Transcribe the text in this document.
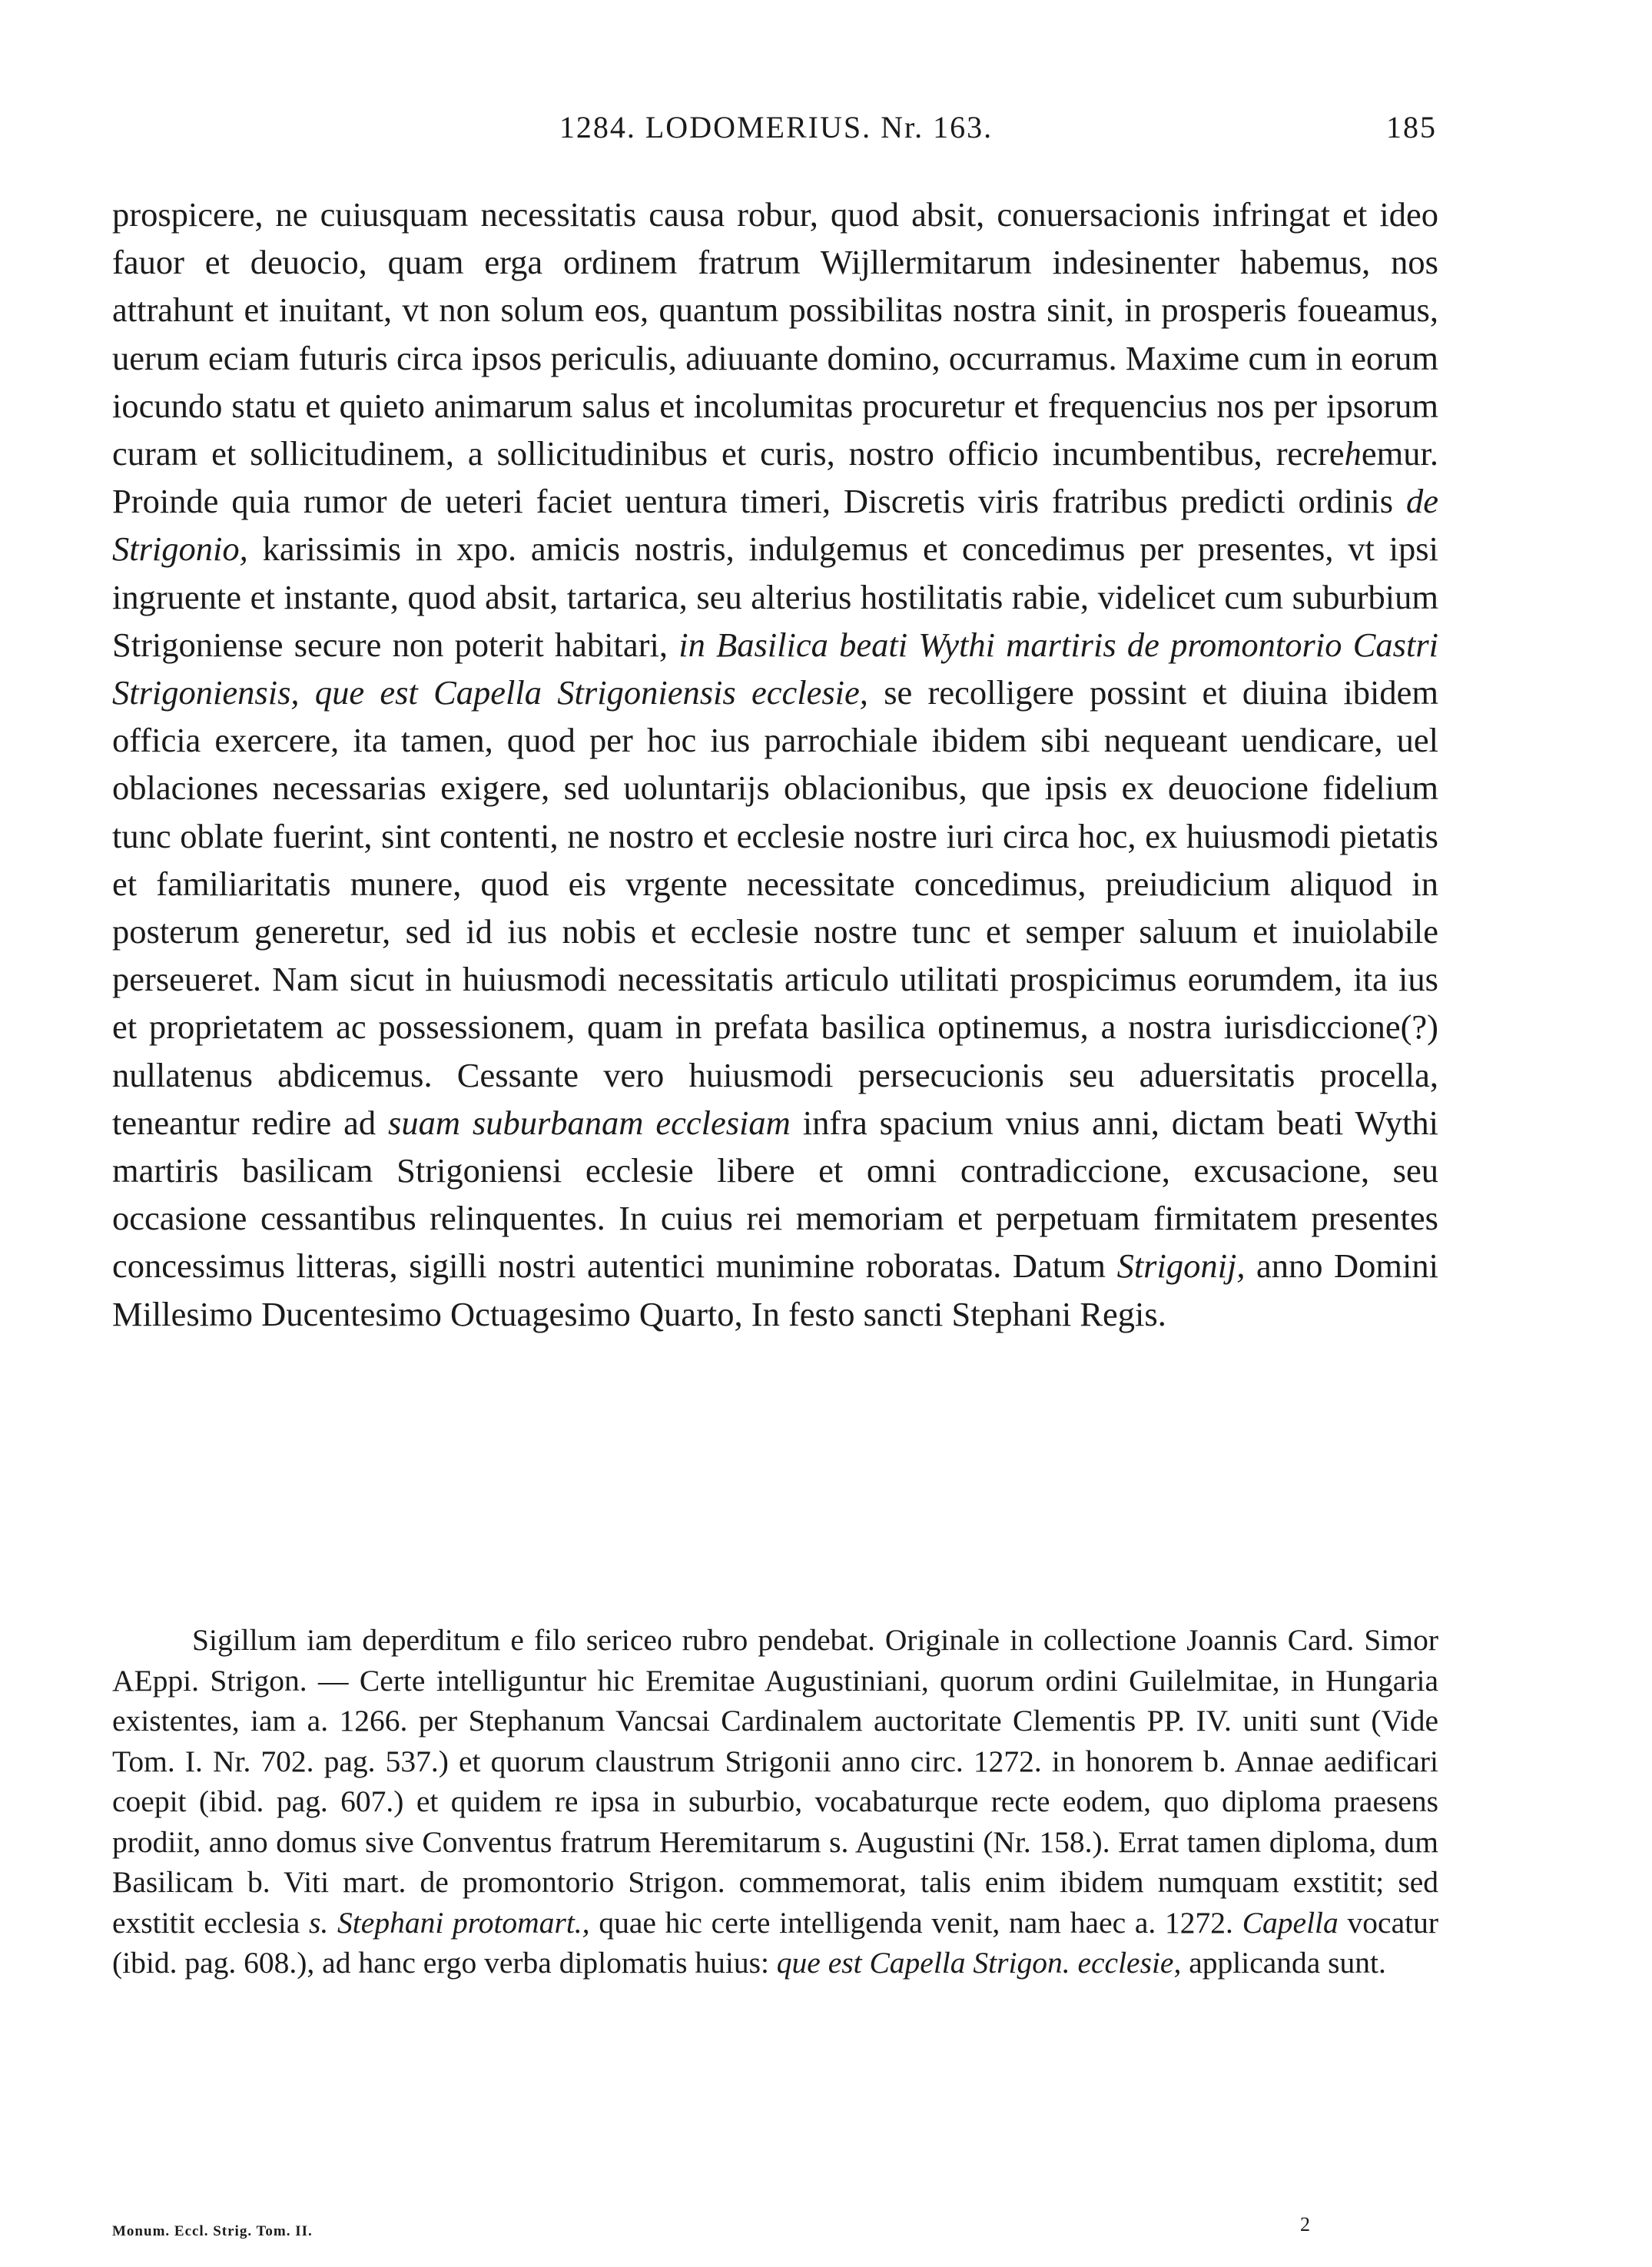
1284. LODOMERIUS. Nr. 163.	185

prospicere, ne cuiusquam necessitatis causa robur, quod absit, conuersacionis infringat et ideo fauor et deuocio, quam erga ordinem fratrum Wijllermitarum indesinenter habemus, nos attrahunt et inuitant, vt non solum eos, quantum possibilitas nostra sinit, in prosperis foueamus, uerum eciam futuris circa ipsos periculis, adiuuante domino, occurramus. Maxime cum in eorum iocundo statu et quieto animarum salus et incolumitas procuretur et frequencius nos per ipsorum curam et sollicitudinem, a sollicitudinibus et curis, nostro officio incumbentibus, recrehemur. Proinde quia rumor de ueteri faciet uentura timeri, Discretis viris fratribus predicti ordinis de Strigonio, karissimis in xpo. amicis nostris, indulgemus et concedimus per presentes, vt ipsi ingruente et instante, quod absit, tartarica, seu alterius hostilitatis rabie, videlicet cum suburbium Strigoniense secure non poterit habitari, in Basilica beati Wythi martiris de promontorio Castri Strigoniensis, que est Capella Strigoniensis ecclesie, se recolligere possint et diuina ibidem officia exercere, ita tamen, quod per hoc ius parrochiale ibidem sibi nequeant uendicare, uel oblaciones necessarias exigere, sed uoluntarijs oblacionibus, que ipsis ex deuocione fidelium tunc oblate fuerint, sint contenti, ne nostro et ecclesie nostre iuri circa hoc, ex huiusmodi pietatis et familiaritatis munere, quod eis vrgente necessitate concedimus, preiudicium aliquod in posterum generetur, sed id ius nobis et ecclesie nostre tunc et semper saluum et inuiolabile perseueret. Nam sicut in huiusmodi necessitatis articulo utilitati prospicimus eorumdem, ita ius et proprietatem ac possessionem, quam in prefata basilica optinemus, a nostra iurisdiccione(?) nullatenus abdicemus. Cessante vero huiusmodi persecucionis seu aduersitatis procella, teneantur redire ad suam suburbanam ecclesiam infra spacium vnius anni, dictam beati Wythi martiris basilicam Strigoniensi ecclesie libere et omni contradiccione, excusacione, seu occasione cessantibus relinquentes. In cuius rei memoriam et perpetuam firmitatem presentes concessimus litteras, sigilli nostri autentici munimine roboratas. Datum Strigonij, anno Domini Millesimo Ducentesimo Octuagesimo Quarto, In festo sancti Stephani Regis.

Sigillum iam deperditum e filo sericeo rubro pendebat. Originale in collectione Joannis Card. Simor AEppi. Strigon. — Certe intelliguntur hic Eremitae Augustiniani, quorum ordini Guilelmitae, in Hungaria existentes, iam a. 1266. per Stephanum Vancsai Cardinalem auctoritate Clementis PP. IV. uniti sunt (Vide Tom. I. Nr. 702. pag. 537.) et quorum claustrum Strigonii anno circ. 1272. in honorem b. Annae aedificari coepit (ibid. pag. 607.) et quidem re ipsa in suburbio, vocabaturque recte eodem, quo diploma praesens prodiit, anno domus sive Conventus fratrum Heremitarum s. Augustini (Nr. 158.). Errat tamen diploma, dum Basilicam b. Viti mart. de promontorio Strigon. commemorat, talis enim ibidem numquam exstitit; sed exstitit ecclesia s. Stephani protomart., quae hic certe intelligenda venit, nam haec a. 1272. Capella vocatur (ibid. pag. 608.), ad hanc ergo verba diplomatis huius: que est Capella Strigon. ecclesie, applicanda sunt.

Monum. Eccl. Strig. Tom. II.	2
